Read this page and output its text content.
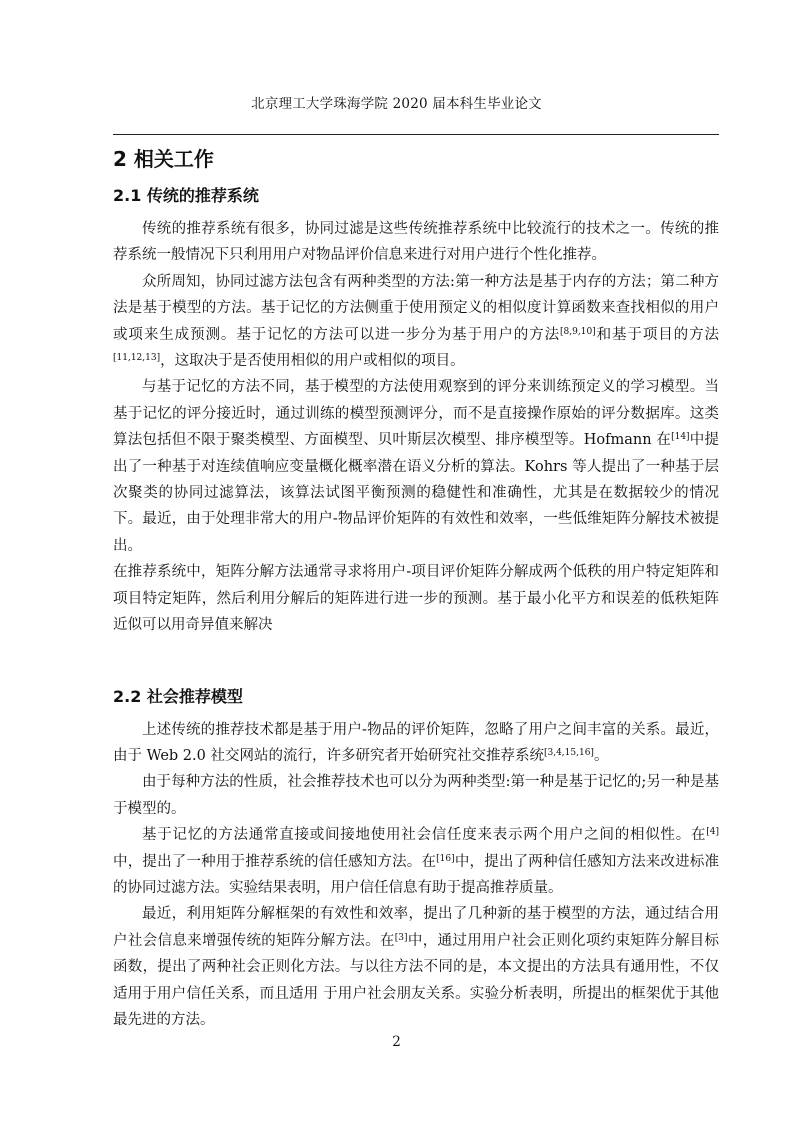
北京理工大学珠海学院 2020 届本科生毕业论文
2 相关工作
2.1 传统的推荐系统

传统的推荐系统有很多，协同过滤是这些传统推荐系统中比较流行的技术之一。传统的推荐系统一般情况下只利用用户对物品评价信息来进行对用户进行个性化推荐。

众所周知，协同过滤方法包含有两种类型的方法:第一种方法是基于内存的方法；第二种方法是基于模型的方法。基于记忆的方法侧重于使用预定义的相似度计算函数来查找相似的用户或项来生成预测。基于记忆的方法可以进一步分为基于用户的方法[8,9,10]和基于项目的方法[11,12,13]，这取决于是否使用相似的用户或相似的项目。

与基于记忆的方法不同，基于模型的方法使用观察到的评分来训练预定义的学习模型。当基于记忆的评分接近时，通过训练的模型预测评分，而不是直接操作原始的评分数据库。这类算法包括但不限于聚类模型、方面模型、贝叶斯层次模型、排序模型等。Hofmann 在[14]中提出了一种基于对连续值响应变量概化概率潜在语义分析的算法。Kohrs 等人提出了一种基于层次聚类的协同过滤算法，该算法试图平衡预测的稳健性和准确性，尤其是在数据较少的情况下。最近，由于处理非常大的用户-物品评价矩阵的有效性和效率，一些低维矩阵分解技术被提出。

在推荐系统中，矩阵分解方法通常寻求将用户-项目评价矩阵分解成两个低秩的用户特定矩阵和项目特定矩阵，然后利用分解后的矩阵进行进一步的预测。基于最小化平方和误差的低秩矩阵近似可以用奇异值来解决

2.2 社会推荐模型

上述传统的推荐技术都是基于用户-物品的评价矩阵，忽略了用户之间丰富的关系。最近，由于 Web 2.0 社交网站的流行，许多研究者开始研究社交推荐系统[3,4,15,16]。

由于每种方法的性质，社会推荐技术也可以分为两种类型:第一种是基于记忆的;另一种是基于模型的。

基于记忆的方法通常直接或间接地使用社会信任度来表示两个用户之间的相似性。在[4]中，提出了一种用于推荐系统的信任感知方法。在[16]中，提出了两种信任感知方法来改进标准的协同过滤方法。实验结果表明，用户信任信息有助于提高推荐质量。

最近，利用矩阵分解框架的有效性和效率，提出了几种新的基于模型的方法，通过结合用户社会信息来增强传统的矩阵分解方法。在[3]中，通过用用户社会正则化项约束矩阵分解目标函数，提出了两种社会正则化方法。与以往方法不同的是，本文提出的方法具有通用性，不仅适用于用户信任关系，而且适用 于用户社会朋友关系。实验分析表明，所提出的框架优于其他最先进的方法。

2
